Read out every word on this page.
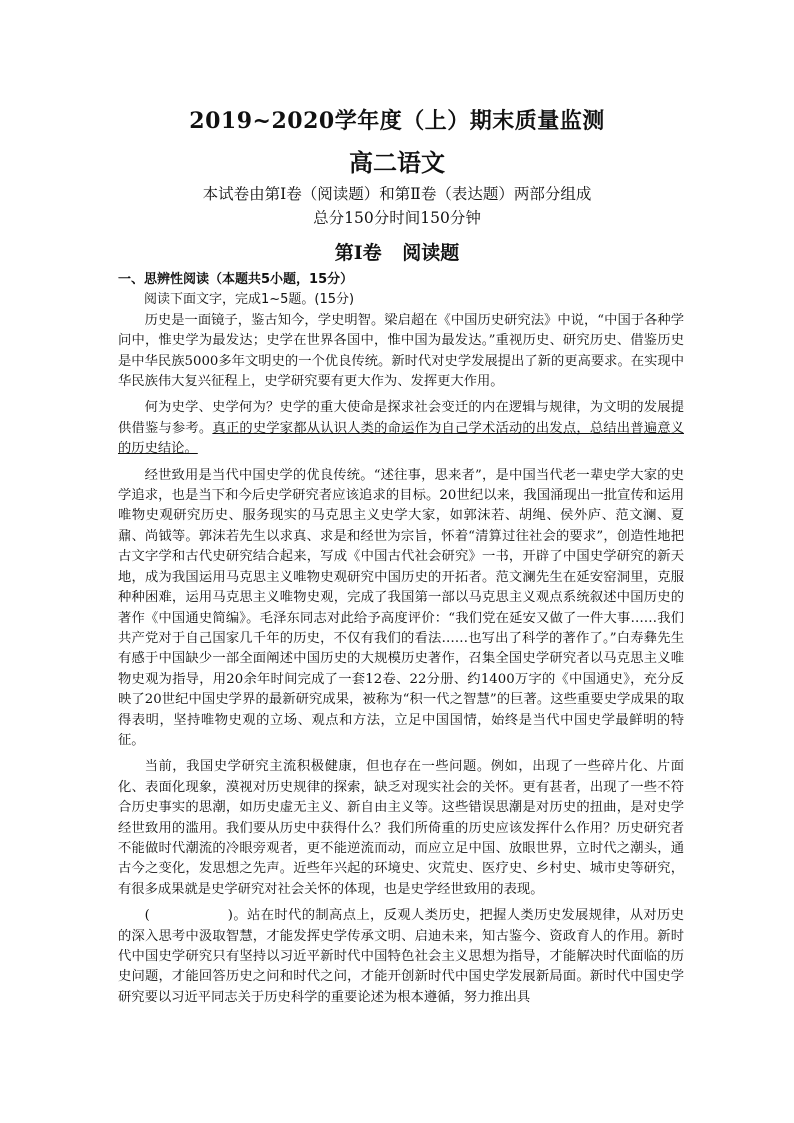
2019~2020学年度（上）期末质量监测
高二语文
本试卷由第Ⅰ卷（阅读题）和第Ⅱ卷（表达题）两部分组成
总分150分时间150分钟
第Ⅰ卷 阅读题
一、思辨性阅读（本题共5小题，15分）
阅读下面文字，完成1~5题。(15分)

历史是一面镜子，鉴古知今，学史明智。梁启超在《中国历史研究法》中说，“中国于各种学问中，惟史学为最发达；史学在世界各国中，惟中国为最发达。”重视历史、研究历史、借鉴历史是中华民族5000多年文明史的一个优良传统。新时代对史学发展提出了新的更高要求。在实现中华民族伟大复兴征程上，史学研究要有更大作为、发挥更大作用。

何为史学、史学何为？史学的重大使命是探求社会变迁的内在逻辑与规律，为文明的发展提供借鉴与参考。真正的史学家都从认识人类的命运作为自己学术活动的出发点，总结出普遍意义的历史结论。

经世致用是当代中国史学的优良传统。“述往事，思来者”，是中国当代老一辈史学大家的史学追求，也是当下和今后史学研究者应该追求的目标。20世纪以来，我国涌现出一批宣传和运用唯物史观研究历史、服务现实的马克思主义史学大家，如郭沫若、胡绳、侯外庐、范文澜、夏鼐、尚钺等。郭沫若先生以求真、求是和经世为宗旨，怀着“清算过往社会的要求”，创造性地把古文字学和古代史研究结合起来，写成《中国古代社会研究》一书，开辟了中国史学研究的新天地，成为我国运用马克思主义唯物史观研究中国历史的开拓者。范文澜先生在延安窑洞里，克服种种困难，运用马克思主义唯物史观，完成了我国第一部以马克思主义观点系统叙述中国历史的著作《中国通史简编》。毛泽东同志对此给予高度评价：“我们党在延安又做了一件大事……我们共产党对于自己国家几千年的历史，不仅有我们的看法……也写出了科学的著作了。”白寿彝先生有感于中国缺少一部全面阐述中国历史的大规模历史著作，召集全国史学研究者以马克思主义唯物史观为指导，用20余年时间完成了一套12卷、22分册、约1400万字的《中国通史》，充分反映了20世纪中国史学界的最新研究成果，被称为“积一代之智慧”的巨著。这些重要史学成果的取得表明，坚持唯物史观的立场、观点和方法，立足中国国情，始终是当代中国史学最鲜明的特征。

当前，我国史学研究主流积极健康，但也存在一些问题。例如，出现了一些碎片化、片面化、表面化现象，漠视对历史规律的探索，缺乏对现实社会的关怀。更有甚者，出现了一些不符合历史事实的思潮，如历史虚无主义、新自由主义等。这些错误思潮是对历史的扭曲，是对史学经世致用的滥用。我们要从历史中获得什么？我们所倚重的历史应该发挥什么作用？历史研究者不能做时代潮流的冷眼旁观者，更不能逆流而动，而应立足中国、放眼世界，立时代之潮头，通古今之变化，发思想之先声。近些年兴起的环境史、灾荒史、医疗史、乡村史、城市史等研究，有很多成果就是史学研究对社会关怀的体现，也是史学经世致用的表现。

(	)。站在时代的制高点上，反观人类历史，把握人类历史发展规律，从对历史的深入思考中汲取智慧，才能发挥史学传承文明、启迪未来，知古鉴今、资政育人的作用。新时代中国史学研究只有坚持以习近平新时代中国特色社会主义思想为指导，才能解决时代面临的历史问题，才能回答历史之问和时代之问，才能开创新时代中国史学发展新局面。新时代中国史学研究要以习近平同志关于历史科学的重要论述为根本遵循，努力推出具
